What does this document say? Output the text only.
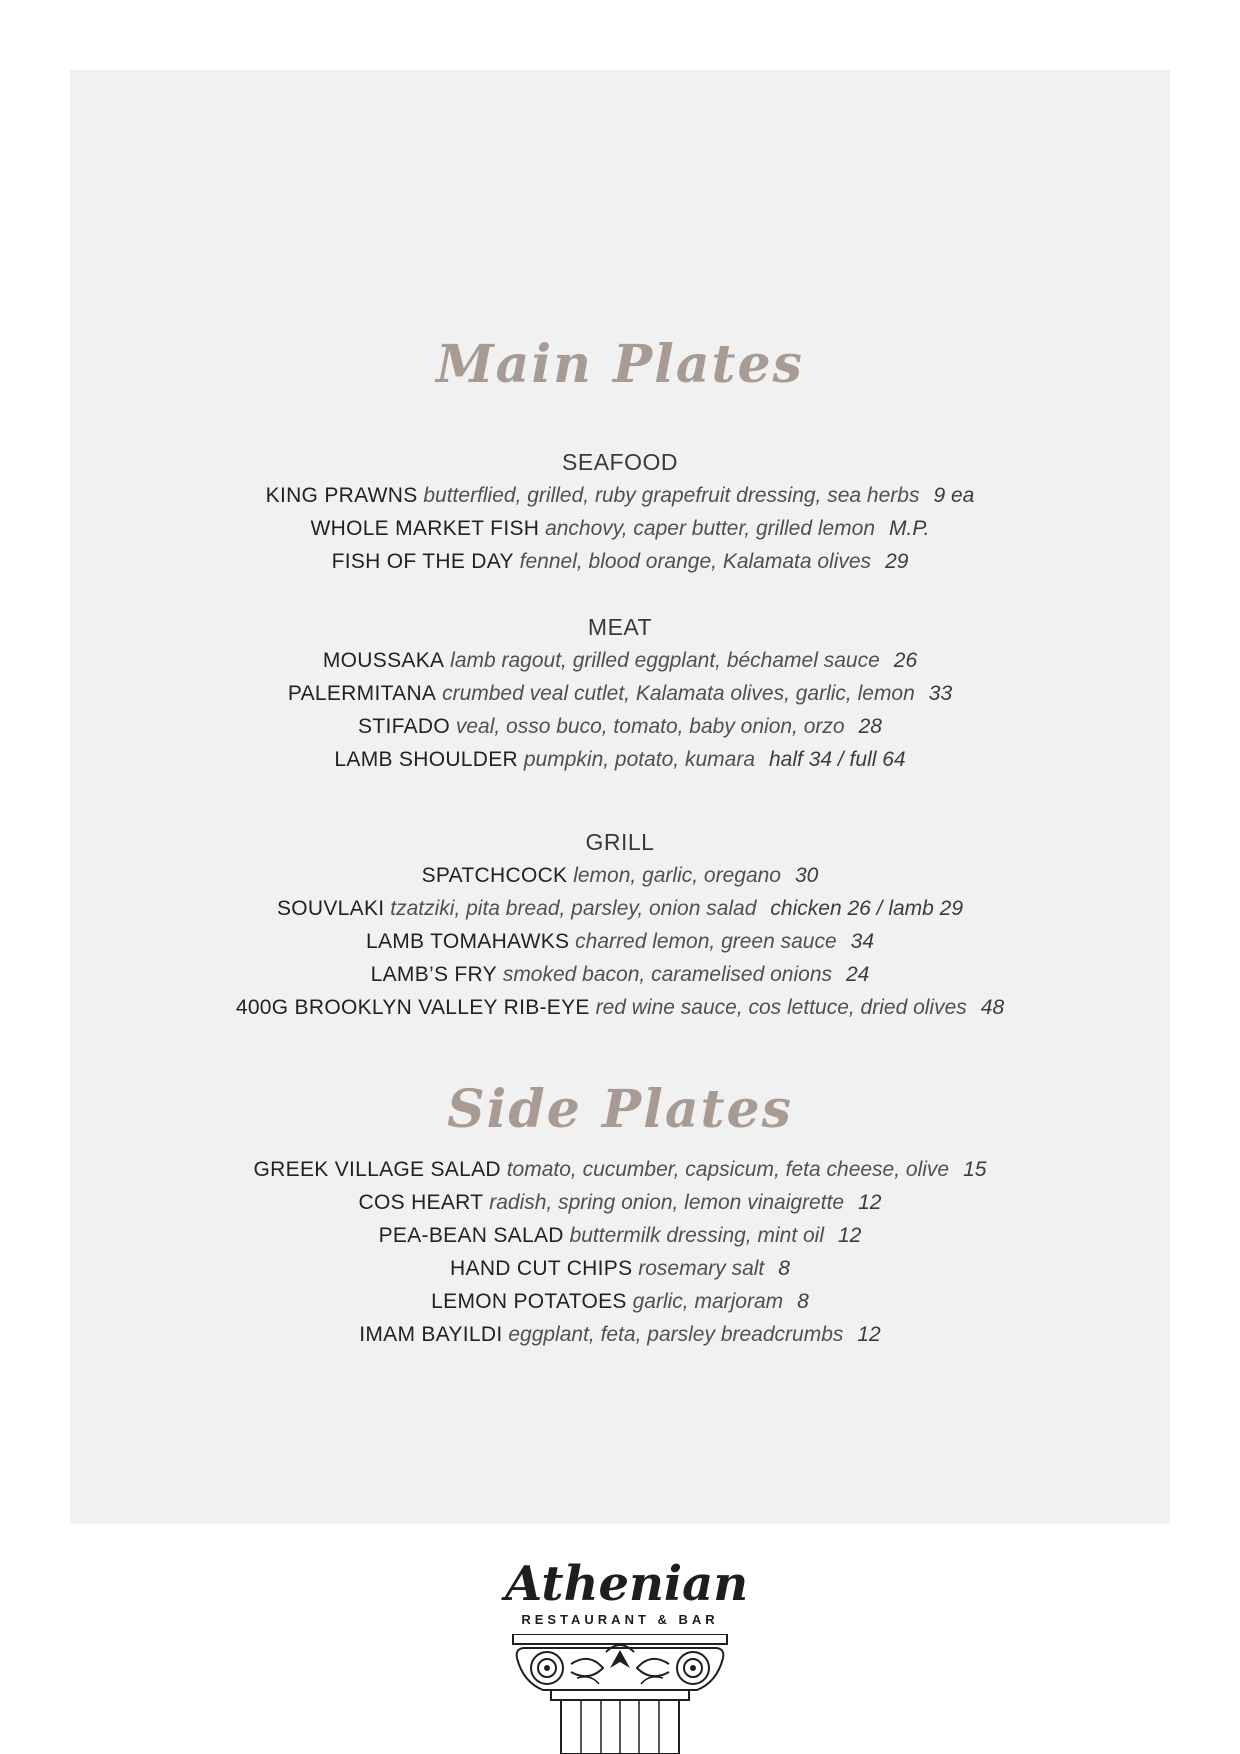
Main Plates
SEAFOOD
KING PRAWNS butterflied, grilled, ruby grapefruit dressing, sea herbs 9 ea
WHOLE MARKET FISH anchovy, caper butter, grilled lemon M.P.
FISH OF THE DAY fennel, blood orange, Kalamata olives 29
MEAT
MOUSSAKA lamb ragout, grilled eggplant, béchamel sauce 26
PALERMITANA crumbed veal cutlet, Kalamata olives, garlic, lemon 33
STIFADO veal, osso buco, tomato, baby onion, orzo 28
LAMB SHOULDER pumpkin, potato, kumara half 34 / full 64
GRILL
SPATCHCOCK lemon, garlic, oregano 30
SOUVLAKI tzatziki, pita bread, parsley, onion salad chicken 26 / lamb 29
LAMB TOMAHAWKS charred lemon, green sauce 34
LAMB’S FRY smoked bacon, caramelised onions 24
400G BROOKLYN VALLEY RIB-EYE red wine sauce, cos lettuce, dried olives 48
Side Plates
GREEK VILLAGE SALAD tomato, cucumber, capsicum, feta cheese, olive 15
COS HEART radish, spring onion, lemon vinaigrette 12
PEA-BEAN SALAD buttermilk dressing, mint oil 12
HAND CUT CHIPS rosemary salt 8
LEMON POTATOES garlic, marjoram 8
IMAM BAYILDI eggplant, feta, parsley breadcrumbs 12
Athenian
RESTAURANT & BAR
